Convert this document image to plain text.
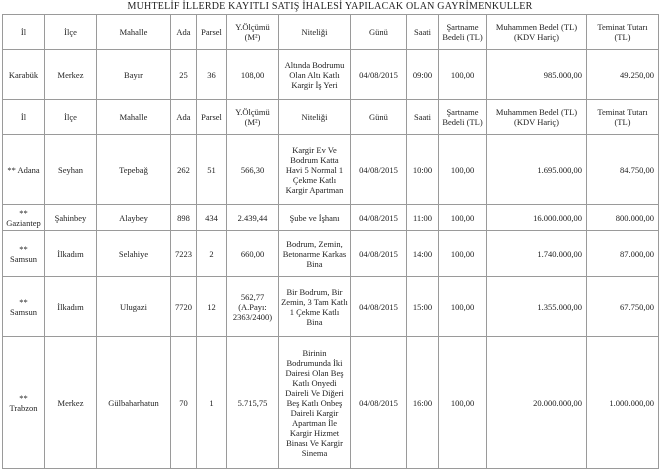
MUHTELİF İLLERDE KAYITLI SATIŞ İHALESİ YAPILACAK OLAN GAYRİMENKULLER
İl	İlçe	Mahalle	Ada	Parsel	Y.Ölçümü (M²)	Niteliği	Günü	Saati	Şartname Bedeli (TL)	Muhammen Bedel (TL) (KDV Hariç)	Teminat Tutarı (TL)
Karabük	Merkez	Bayır	25	36	108,00	Altında Bodrumu Olan Altı Katlı Kargir İş Yeri	04/08/2015	09:00	100,00	985.000,00	49.250,00
İl	İlçe	Mahalle	Ada	Parsel	Y.Ölçümü (M²)	Niteliği	Günü	Saati	Şartname Bedeli (TL)	Muhammen Bedel (TL) (KDV Hariç)	Teminat Tutarı (TL)
** Adana	Seyhan	Tepebağ	262	51	566,30	Kargir Ev Ve Bodrum Katta Havi 5 Normal 1 Çekme Katlı Kargir Apartman	04/08/2015	10:00	100,00	1.695.000,00	84.750,00
** Gaziantep	Şahinbey	Alaybey	898	434	2.439,44	Şube ve İşhanı	04/08/2015	11:00	100,00	16.000.000,00	800.000,00
** Samsun	İlkadım	Selahiye	7223	2	660,00	Bodrum, Zemin, Betonarme Karkas Bina	04/08/2015	14:00	100,00	1.740.000,00	87.000,00
** Samsun	İlkadım	Ulugazi	7720	12	562,77 (A.Payı: 2363/2400)	Bir Bodrum, Bir Zemin, 3 Tam Katlı 1 Çekme Katlı Bina	04/08/2015	15:00	100,00	1.355.000,00	67.750,00
** Trabzon	Merkez	Gülbaharhatun	70	1	5.715,75	Birinin Bodrumunda İki Dairesi Olan Beş Katlı Onyedi Daireli Ve Diğeri Beş Katlı Onbeş Daireli Kargir Apartman İle Kargir Hizmet Binası Ve Kargir Sinema	04/08/2015	16:00	100,00	20.000.000,00	1.000.000,00
